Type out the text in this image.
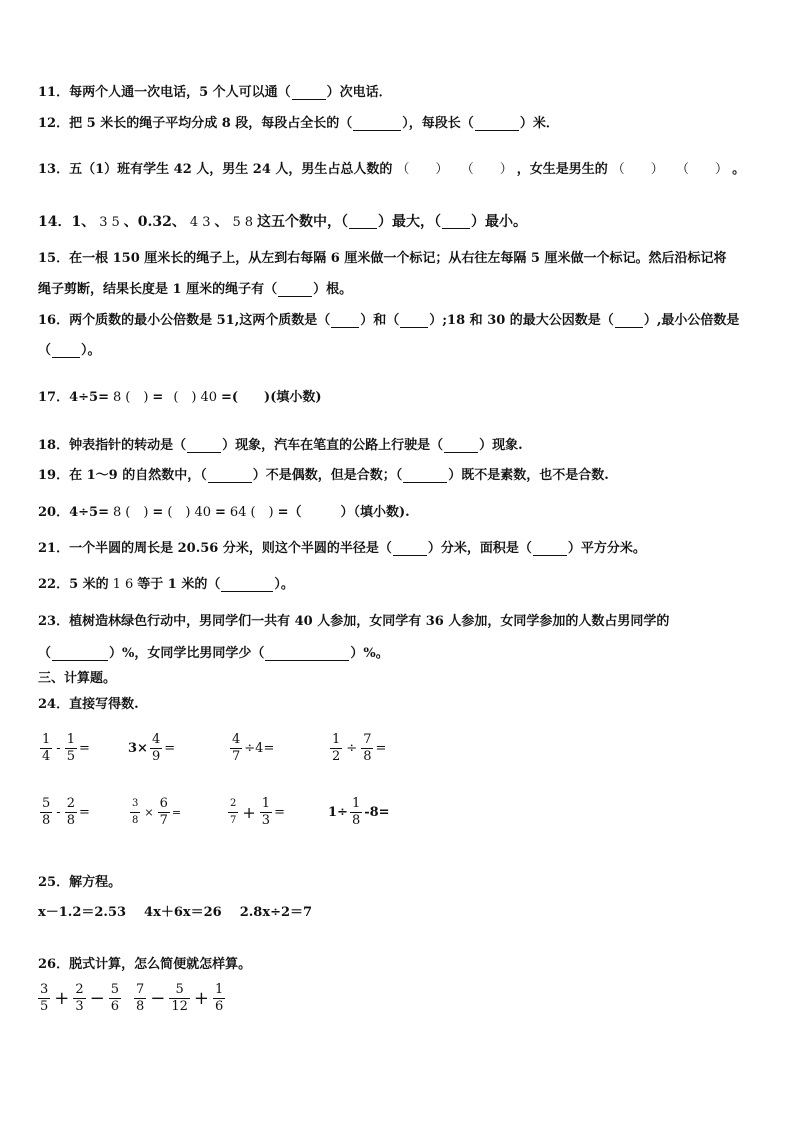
11．每两个人通一次电话，5 个人可以通（	）次电话．
12．把 5 米长的绳子平均分成 8 段，每段占全长的（	），每段长（	）米．
13．五（1）班有学生 42 人，男生 24 人，男生占总人数的 （　　） （　　） ，女生是男生的 （　　） （　　） 。
14．1、 3 5 、0.32、 4 3 、 5 8 这五个数中，（ ）最大，（ ）最小。
15．在一根 150 厘米长的绳子上，从左到右每隔 6 厘米做一个标记；从右往左每隔 5 厘米做一个标记。然后沿标记将
绳子剪断，结果长度是 1 厘米的绳子有（	）根。
16．两个质数的最小公倍数是 51,这两个质数是（ ）和（ ）;18 和 30 的最大公因数是（ ）,最小公倍数是
（ ）。
17．4÷5= 8 (　) = (　) 40 =(　　)(填小数)
18．钟表指针的转动是（	）现象，汽车在笔直的公路上行驶是（	）现象.
19．在 1～9 的自然数中，（	）不是偶数，但是合数；（	）既不是素数，也不是合数.
20．4÷5= 8 (　) = (　) 40 = 64 (　) =（　　　）（填小数).
21．一个半圆的周长是 20.56 分米，则这个半圆的半径是（	）分米，面积是（	）平方分米。
22．5 米的 1 6 等于 1 米的（	）。
23．植树造林绿色行动中，男同学们一共有 40 人参加，女同学有 36 人参加，女同学参加的人数占男同学的
（	）%，女同学比男同学少（	）%。
三、计算题。
24．直接写得数.
$\frac{1}{4} - \frac{1}{5}$ =	$3\times \frac{4}{9}$ =	$\frac{4}{7} \div 4=$	$\frac{1}{2} \div \frac{7}{8}$ =
$\frac{5}{8} - \frac{2}{8}$ =	$\frac{3}{8} \times \frac{6}{7}$ =	$\frac{2}{7} + \frac{1}{3}$ =	$1\div \frac{1}{8} -8=$
25．解方程。
x－1.2＝2.53 4x＋6x＝26 2.8x÷2＝7
26．脱式计算，怎么简便就怎样算。
$\frac{3}{5} + \frac{2}{3} - \frac{5}{6} \frac{7}{8} - \frac{5}{12} + \frac{1}{6}$
